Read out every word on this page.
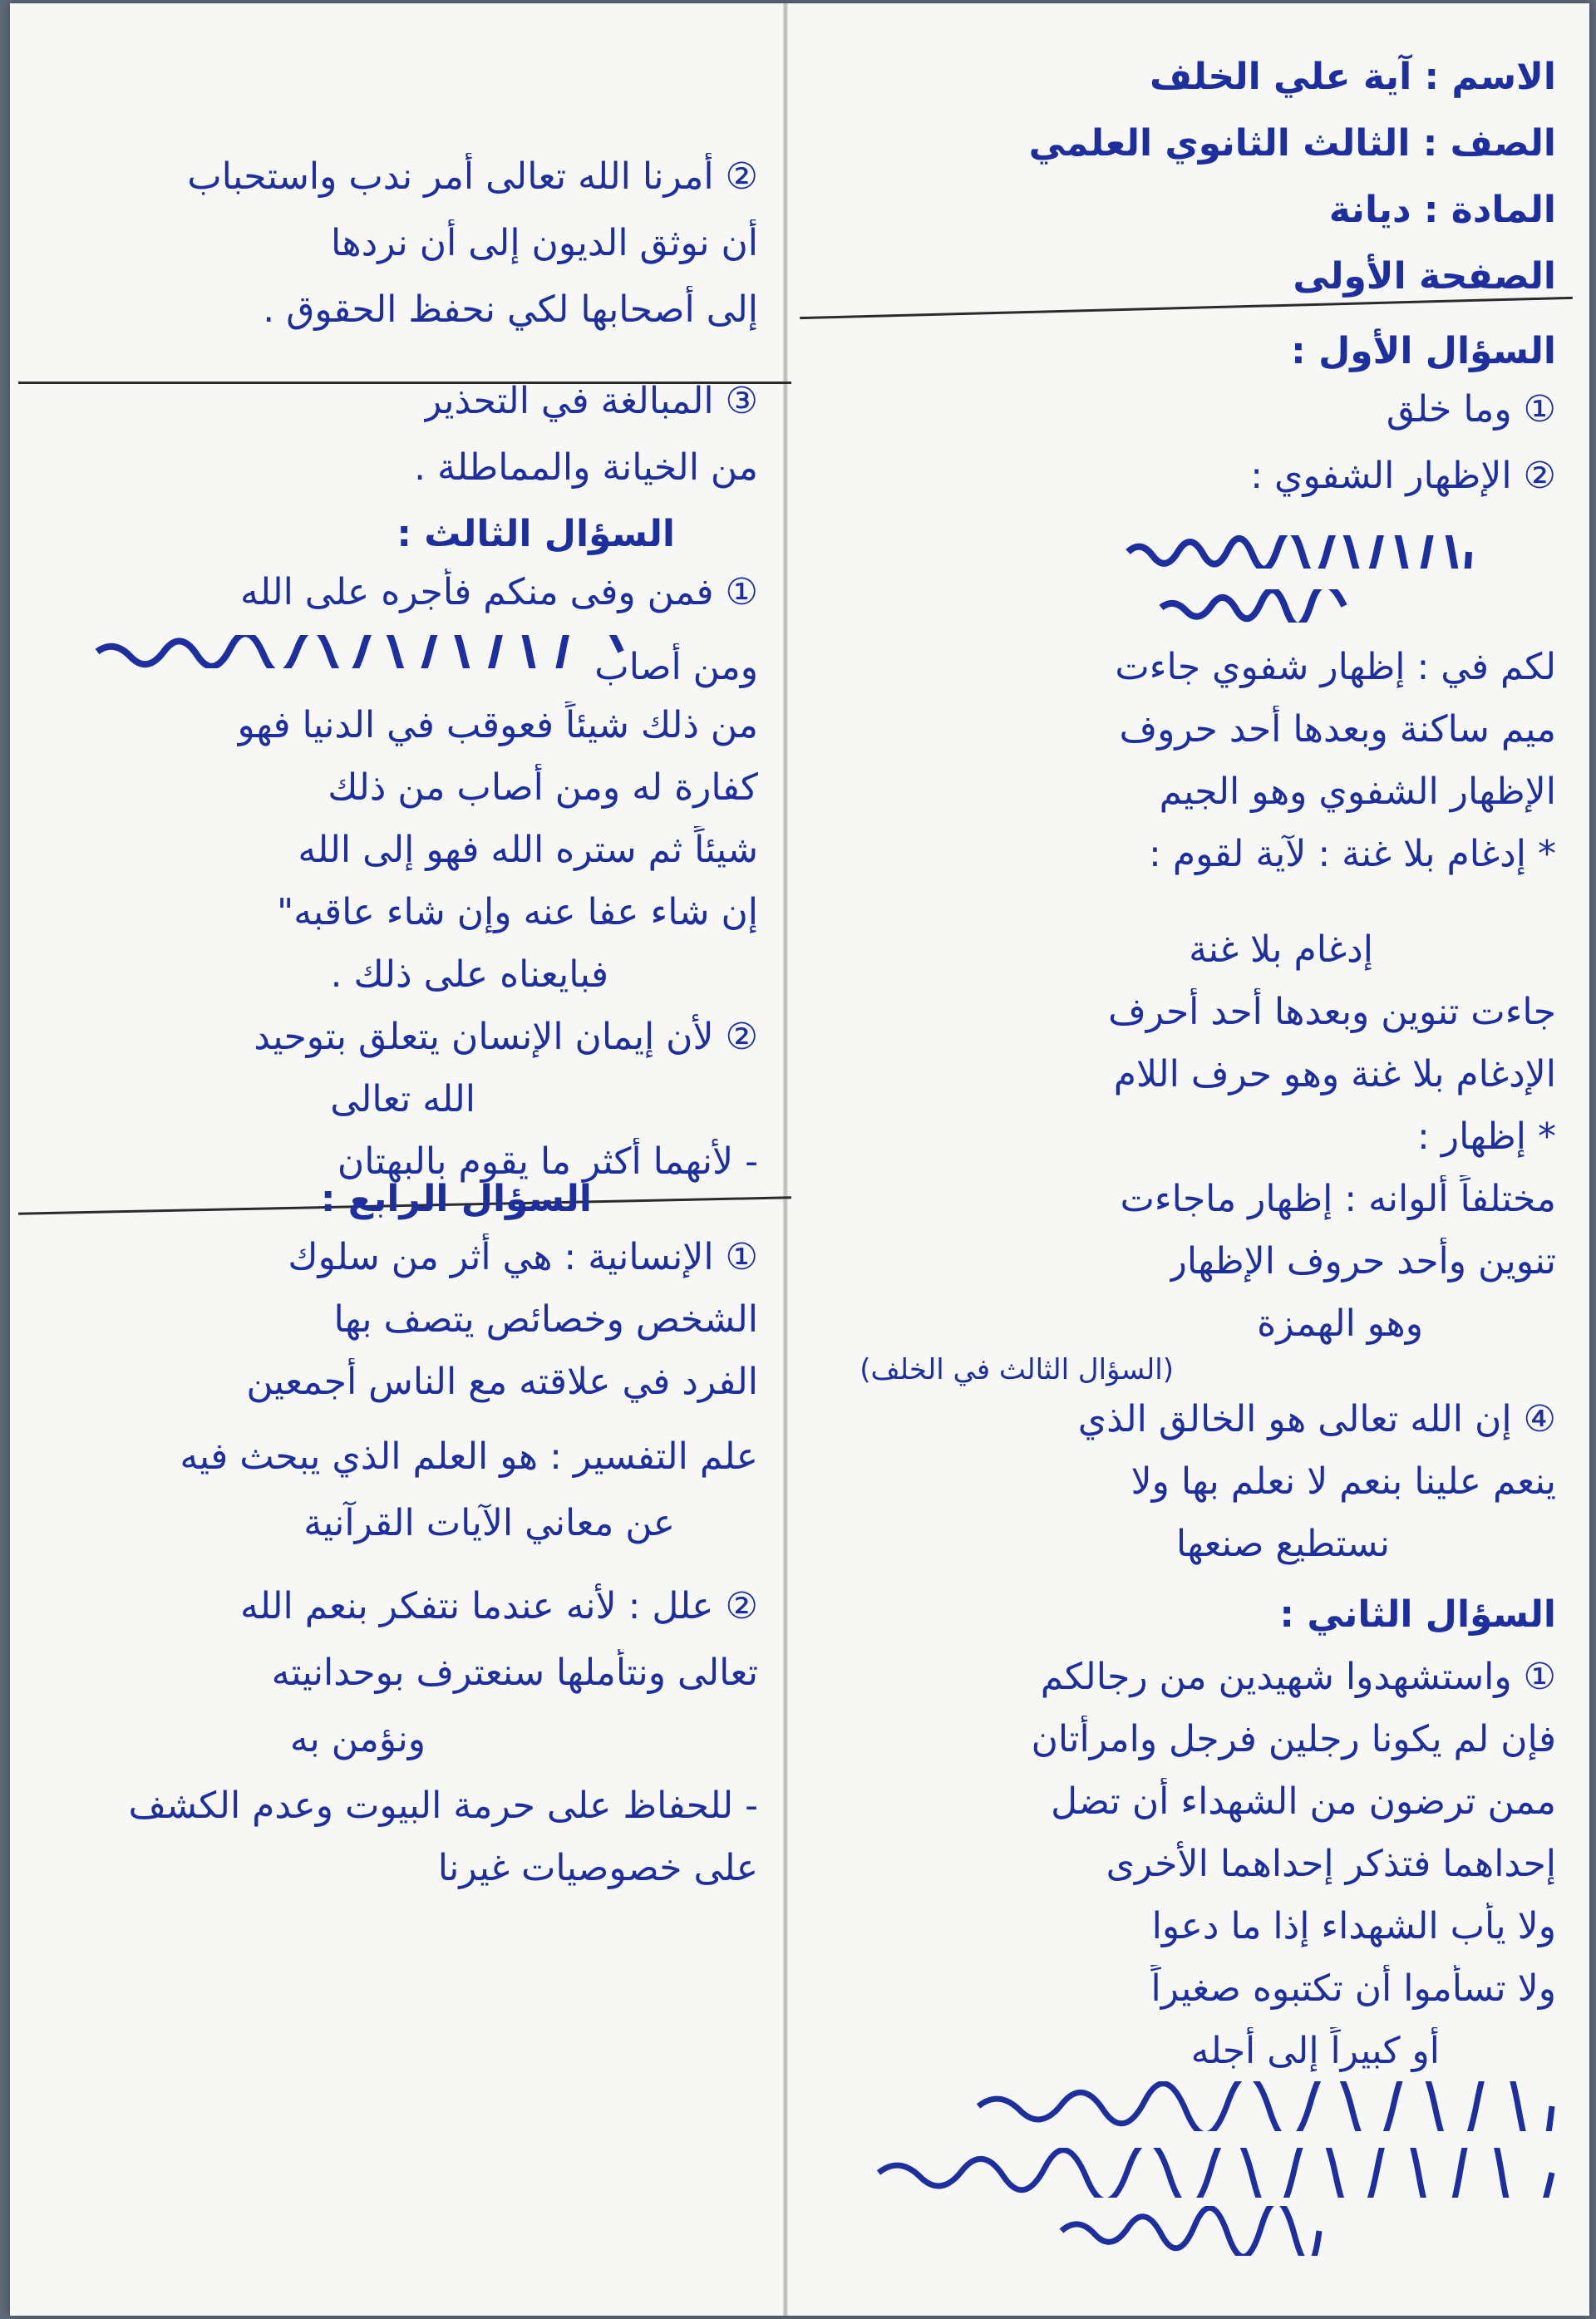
الاسم : آية علي الخلف
الصف : الثالث الثانوي العلمي
المادة : ديانة
الصفحة الأولى
السؤال الأول :
① وما خلق
② الإظهار الشفوي :
لكم في : إظهار شفوي جاءت
ميم ساكنة وبعدها أحد حروف
الإظهار الشفوي وهو الجيم
* إدغام بلا غنة : لآية لقوم :
إدغام بلا غنة
جاءت تنوين وبعدها أحد أحرف
الإدغام بلا غنة وهو حرف اللام
* إظهار :
مختلفاً ألوانه : إظهار ماجاءت
تنوين وأحد حروف الإظهار
وهو الهمزة
(السؤال الثالث في الخلف)
④ إن الله تعالى هو الخالق الذي
ينعم علينا بنعم لا نعلم بها ولا
نستطيع صنعها
السؤال الثاني :
① واستشهدوا شهيدين من رجالكم
فإن لم يكونا رجلين فرجل وامرأتان
ممن ترضون من الشهداء أن تضل
إحداهما فتذكر إحداهما الأخرى
ولا يأب الشهداء إذا ما دعوا
ولا تسأموا أن تكتبوه صغيراً
أو كبيراً إلى أجله
② أمرنا الله تعالى أمر ندب واستحباب
أن نوثق الديون إلى أن نردها
إلى أصحابها لكي نحفظ الحقوق .
③ المبالغة في التحذير
من الخيانة والمماطلة .
السؤال الثالث :
① فمن وفى منكم فأجره على الله
ومن أصاب
من ذلك شيئاً فعوقب في الدنيا فهو
كفارة له ومن أصاب من ذلك
شيئاً ثم ستره الله فهو إلى الله
إن شاء عفا عنه وإن شاء عاقبه"
فبايعناه على ذلك .
② لأن إيمان الإنسان يتعلق بتوحيد
الله تعالى
- لأنهما أكثر ما يقوم بالبهتان
السؤال الرابع :
① الإنسانية : هي أثر من سلوك
الشخص وخصائص يتصف بها
الفرد في علاقته مع الناس أجمعين
علم التفسير : هو العلم الذي يبحث فيه
عن معاني الآيات القرآنية
② علل : لأنه عندما نتفكر بنعم الله
تعالى ونتأملها سنعترف بوحدانيته
ونؤمن به
- للحفاظ على حرمة البيوت وعدم الكشف
على خصوصيات غيرنا
